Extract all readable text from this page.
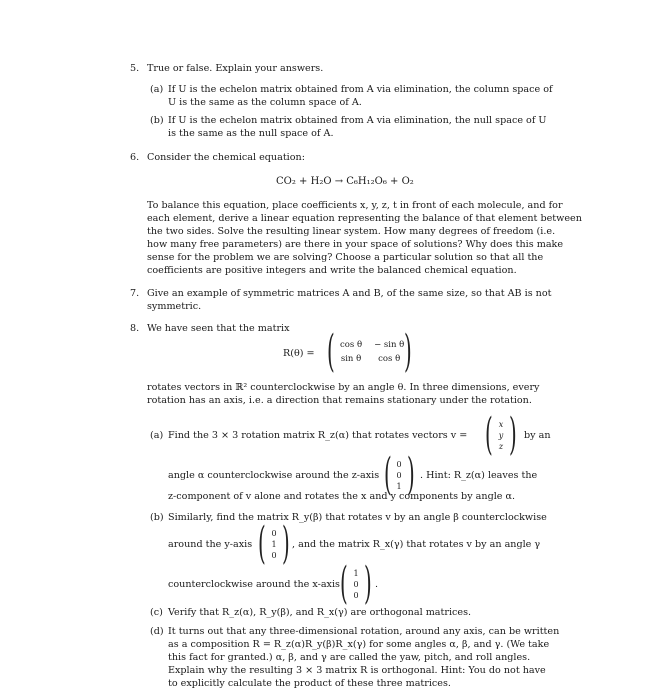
5. True or false. Explain your answers.
(a) If U is the echelon matrix obtained from A via elimination, the column space of
U is the same as the column space of A.
(b) If U is the echelon matrix obtained from A via elimination, the null space of U
is the same as the null space of A.
6. Consider the chemical equation:
CO₂ + H₂O → C₆H₁₂O₆ + O₂
To balance this equation, place coefficients x, y, z, t in front of each molecule, and for
each element, derive a linear equation representing the balance of that element between
the two sides. Solve the resulting linear system. How many degrees of freedom (i.e.
how many free parameters) are there in your space of solutions? Why does this make
sense for the problem we are solving? Choose a particular solution so that all the
coefficients are positive integers and write the balanced chemical equation.
7. Give an example of symmetric matrices A and B, of the same size, so that AB is not
symmetric.
8. We have seen that the matrix
R(θ) = ( cos θ	− sin θ
sin θ	cos θ )
rotates vectors in ℝ² counterclockwise by an angle θ. In three dimensions, every
rotation has an axis, i.e. a direction that remains stationary under the rotation.
(a) Find the 3 × 3 rotation matrix R_z(α) that rotates vectors v = ( x
y
z ) by an
angle α counterclockwise around the z-axis ( 0
0
1 ) . Hint: R_z(α) leaves the
z-component of v alone and rotates the x and y components by angle α.
(b) Similarly, find the matrix R_y(β) that rotates v by an angle β counterclockwise
around the y-axis ( 0
1
0 ) , and the matrix R_x(γ) that rotates v by an angle γ
counterclockwise around the x-axis ( 1
0
0 ) .
(c) Verify that R_z(α), R_y(β), and R_x(γ) are orthogonal matrices.
(d) It turns out that any three-dimensional rotation, around any axis, can be written
as a composition R = R_z(α)R_y(β)R_x(γ) for some angles α, β, and γ. (We take
this fact for granted.) α, β, and γ are called the yaw, pitch, and roll angles.
Explain why the resulting 3 × 3 matrix R is orthogonal. Hint: You do not have
to explicitly calculate the product of these three matrices.
